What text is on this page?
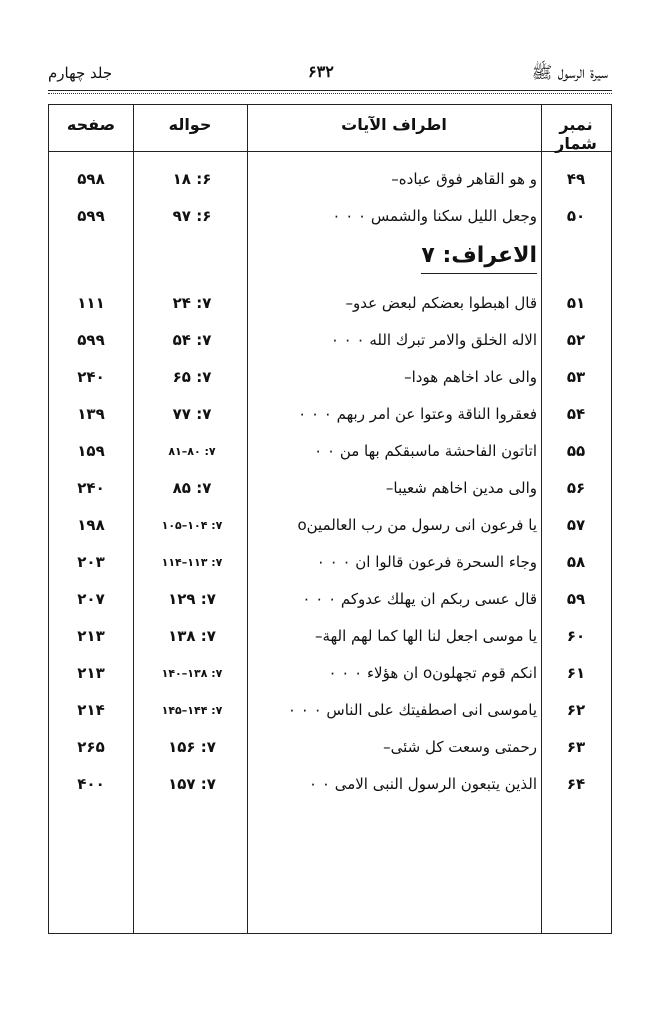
سیرة الرسول ﷺ
۶۳۲
جلد چهارم
نمبر شمار
اطراف الآیات
حواله
صفحه
۴۹
و هو القاهر فوق عباده–
۱۸ :۶
۵۹۸
۵۰
وجعل اللیل سکنا والشمس ۰ ۰ ۰
۹۷ :۶
۵۹۹
الاعراف: ۷
۵۱
قال اهبطوا بعضکم لبعض عدو–
۲۴ :۷
۱۱۱
۵۲
الاله الخلق والامر تبرك الله ۰ ۰ ۰
۵۴ :۷
۵۹۹
۵۳
والی عاد اخاهم هودا–
۶۵ :۷
۲۴۰
۵۴
فعقروا الناقة وعتوا عن امر ربهم ۰ ۰ ۰
۷۷ :۷
۱۳۹
۵۵
اتاتون الفاحشة ماسبقکم بها من ۰ ۰
۸۱–۸۰ :۷
۱۵۹
۵۶
والی مدین اخاهم شعیبا–
۸۵ :۷
۲۴۰
۵۷
یا فرعون انی رسول من رب العالمینo
۱۰۵–۱۰۴ :۷
۱۹۸
۵۸
وجاء السحرة فرعون قالوا ان ۰ ۰ ۰
۱۱۴–۱۱۳ :۷
۲۰۳
۵۹
قال عسی ربکم ان یهلك عدوکم ۰ ۰ ۰
۱۲۹ :۷
۲۰۷
۶۰
یا موسی اجعل لنا الها کما لهم الهة–
۱۳۸ :۷
۲۱۳
۶۱
انکم قوم تجهلونo ان هؤلاء ۰ ۰ ۰
۱۴۰–۱۳۸ :۷
۲۱۳
۶۲
یاموسی انی اصطفیتك علی الناس ۰ ۰ ۰
۱۴۵–۱۴۴ :۷
۲۱۴
۶۳
رحمتی وسعت کل شئی–
۱۵۶ :۷
۲۶۵
۶۴
الذین یتبعون الرسول النبی الامی ۰ ۰
۱۵۷ :۷
۴۰۰
